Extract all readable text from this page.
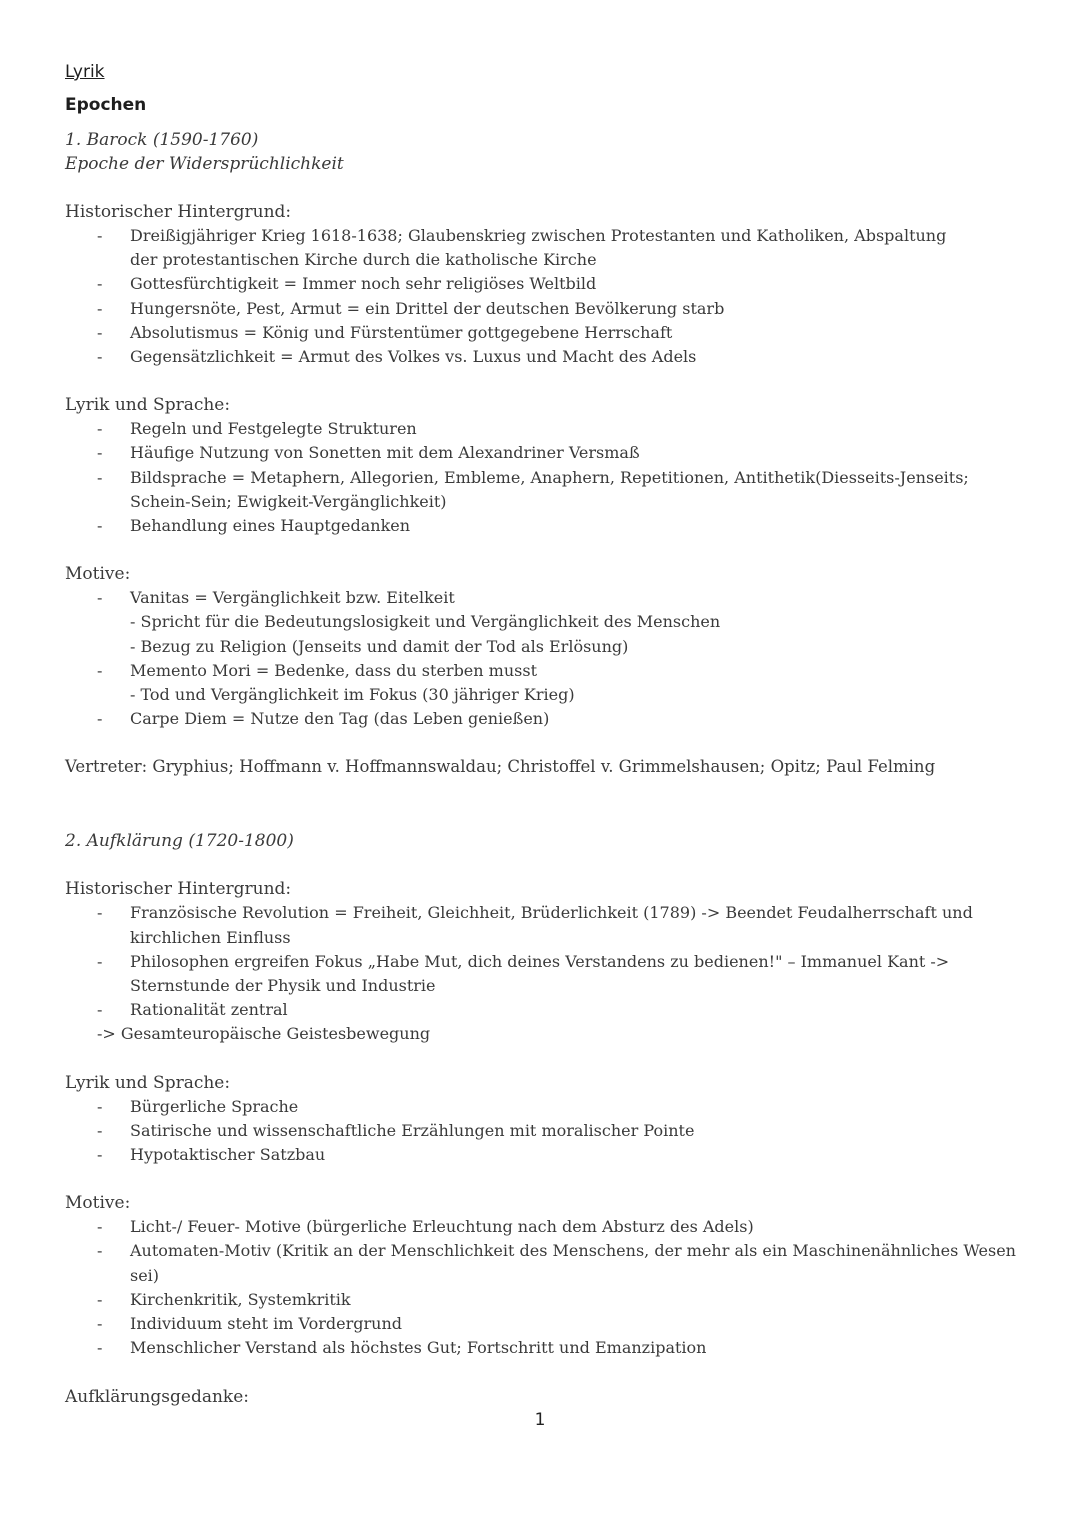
Lyrik
Epochen
1. Barock (1590-1760)
Epoche der Widersprüchlichkeit
Historischer Hintergrund:
- Dreißigjähriger Krieg 1618-1638; Glaubenskrieg zwischen Protestanten und Katholiken, Abspaltung der protestantischen Kirche durch die katholische Kirche
- Gottesfürchtigkeit = Immer noch sehr religiöses Weltbild
- Hungersnöte, Pest, Armut = ein Drittel der deutschen Bevölkerung starb
- Absolutismus = König und Fürstentümer gottgegebene Herrschaft
- Gegensätzlichkeit = Armut des Volkes vs. Luxus und Macht des Adels
Lyrik und Sprache:
- Regeln und Festgelegte Strukturen
- Häufige Nutzung von Sonetten mit dem Alexandriner Versmaß
- Bildsprache = Metaphern, Allegorien, Embleme, Anaphern, Repetitionen, Antithetik(Diesseits-Jenseits; Schein-Sein; Ewigkeit-Vergänglichkeit)
- Behandlung eines Hauptgedanken
Motive:
- Vanitas = Vergänglichkeit bzw. Eitelkeit
- Spricht für die Bedeutungslosigkeit und Vergänglichkeit des Menschen
- Bezug zu Religion (Jenseits und damit der Tod als Erlösung)
- Memento Mori = Bedenke, dass du sterben musst
- Tod und Vergänglichkeit im Fokus (30 jähriger Krieg)
- Carpe Diem = Nutze den Tag (das Leben genießen)
Vertreter: Gryphius; Hoffmann v. Hoffmannswaldau; Christoffel v. Grimmelshausen; Opitz; Paul Felming
2. Aufklärung (1720-1800)
Historischer Hintergrund:
- Französische Revolution = Freiheit, Gleichheit, Brüderlichkeit (1789) -> Beendet Feudalherrschaft und kirchlichen Einfluss
- Philosophen ergreifen Fokus „Habe Mut, dich deines Verstandens zu bedienen!" – Immanuel Kant -> Sternstunde der Physik und Industrie
- Rationalität zentral
-> Gesamteuropäische Geistesbewegung
Lyrik und Sprache:
- Bürgerliche Sprache
- Satirische und wissenschaftliche Erzählungen mit moralischer Pointe
- Hypotaktischer Satzbau
Motive:
- Licht-/ Feuer- Motive (bürgerliche Erleuchtung nach dem Absturz des Adels)
- Automaten-Motiv (Kritik an der Menschlichkeit des Menschens, der mehr als ein Maschinenähnliches Wesen sei)
- Kirchenkritik, Systemkritik
- Individuum steht im Vordergrund
- Menschlicher Verstand als höchstes Gut; Fortschritt und Emanzipation
Aufklärungsgedanke:
1
